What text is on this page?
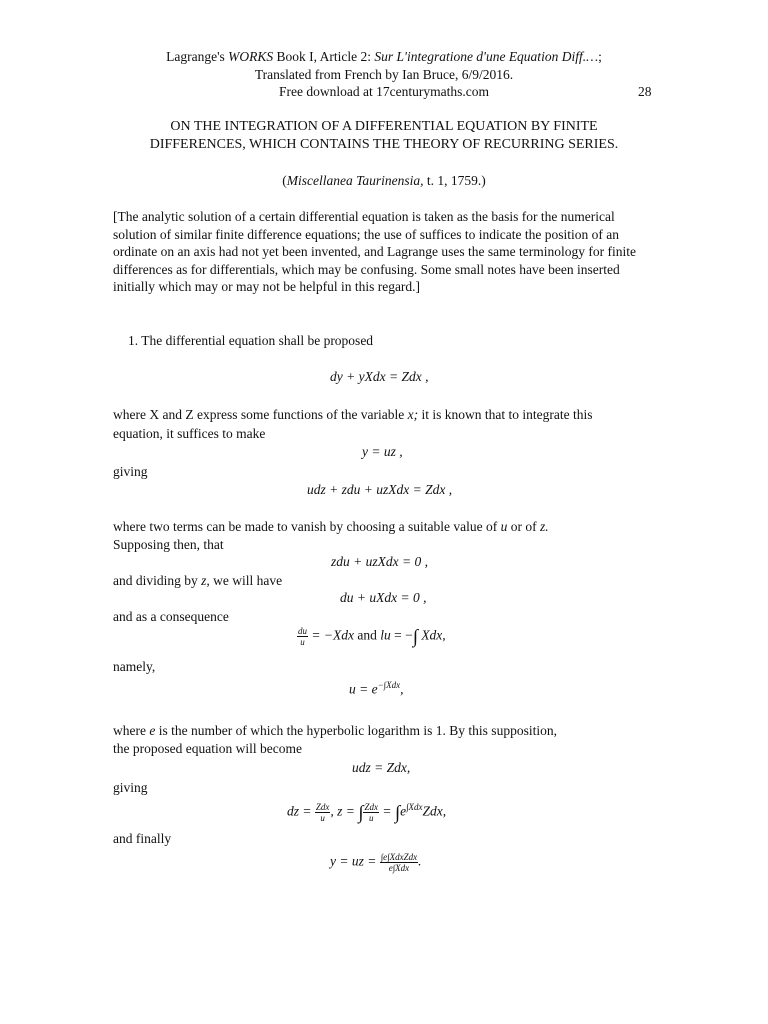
Lagrange's WORKS Book I, Article 2: Sur L'integratione d'une Equation Diff.…;
Translated from French by Ian Bruce, 6/9/2016.
Free download at 17centurymaths.com	28
ON THE INTEGRATION OF A DIFFERENTIAL EQUATION BY FINITE
DIFFERENCES, WHICH CONTAINS THE THEORY OF RECURRING SERIES.
(Miscellanea Taurinensia, t. 1, 1759.)
[The analytic solution of a certain differential equation is taken as the basis for the numerical solution of similar finite difference equations; the use of suffices to indicate the position of an ordinate on an axis had not yet been invented, and Lagrange uses the same terminology for finite differences as for differentials, which may be confusing. Some small notes have been inserted initially which may or may not be helpful in this regard.]
1. The differential equation shall be proposed
dy + yXdx = Zdx ,
where X and Z express some functions of the variable x; it is known that to integrate this
equation, it suffices to make
y = uz ,
giving
udz + zdu + uzXdx = Zdx ,
where two terms can be made to vanish by choosing a suitable value of u or of z.
Supposing then, that
zdu + uzXdx = 0 ,
and dividing by z, we will have
du + uXdx = 0 ,
and as a consequence
$\frac{du}{u} = -Xdx$ and lu = −∫ Xdx,
namely,
$u = e^{-\int Xdx}$,
where e is the number of which the hyperbolic logarithm is 1. By this supposition,
the proposed equation will become
udz = Zdx,
giving
dz = $\frac{\text{Zdx}}{u}$ , z = ∫ $\frac{\text{Zdx}}{u} = \int e^{\int Xdx}Zdx$,
and finally
y = uz = $\frac{\text{∫e∫XdxZdx}}{\text{e∫Xdx}}$ .
